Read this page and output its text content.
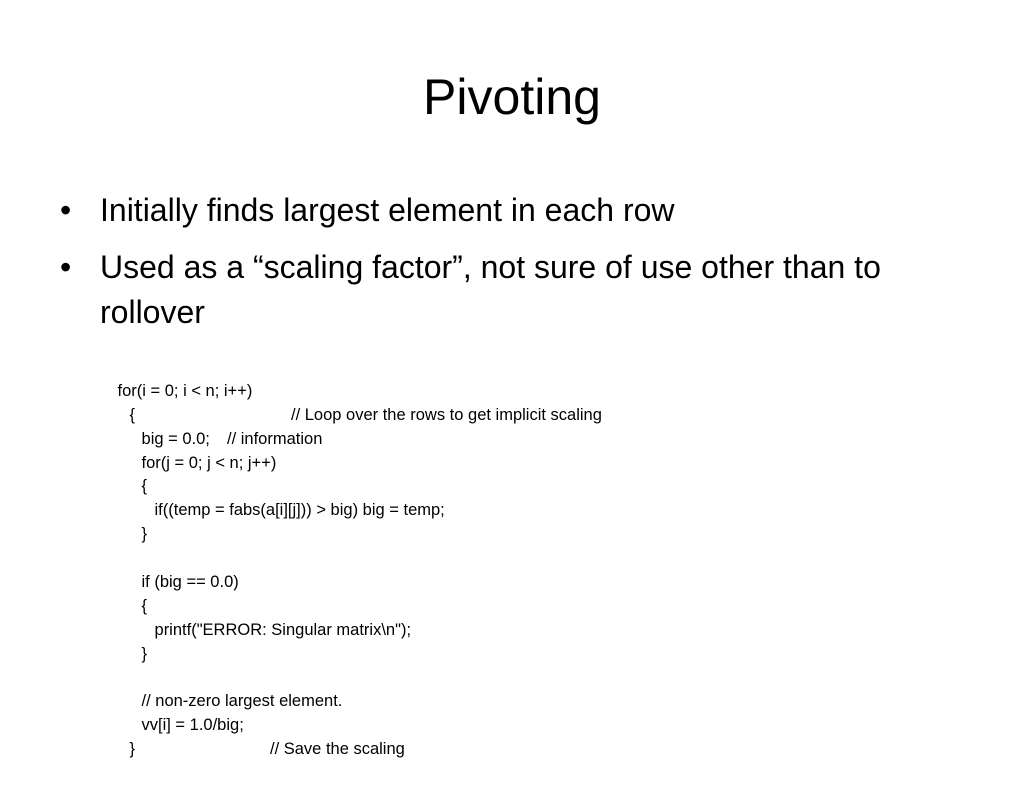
Pivoting
• Initially finds largest element in each row
• Used as a “scaling factor”, not sure of use other than to rollover

for(i = 0; i < n; i++)

// Loop over the rows to get implicit scaling

{

// information

big = 0.0;

for(j = 0; j < n; j++)

{

if((temp = fabs(a[i][j])) > big) big = temp;

}

if (big == 0.0)

{

printf("ERROR: Singular matrix\n");

}

// non-zero largest element.

vv[i] = 1.0/big;

// Save the scaling

}
